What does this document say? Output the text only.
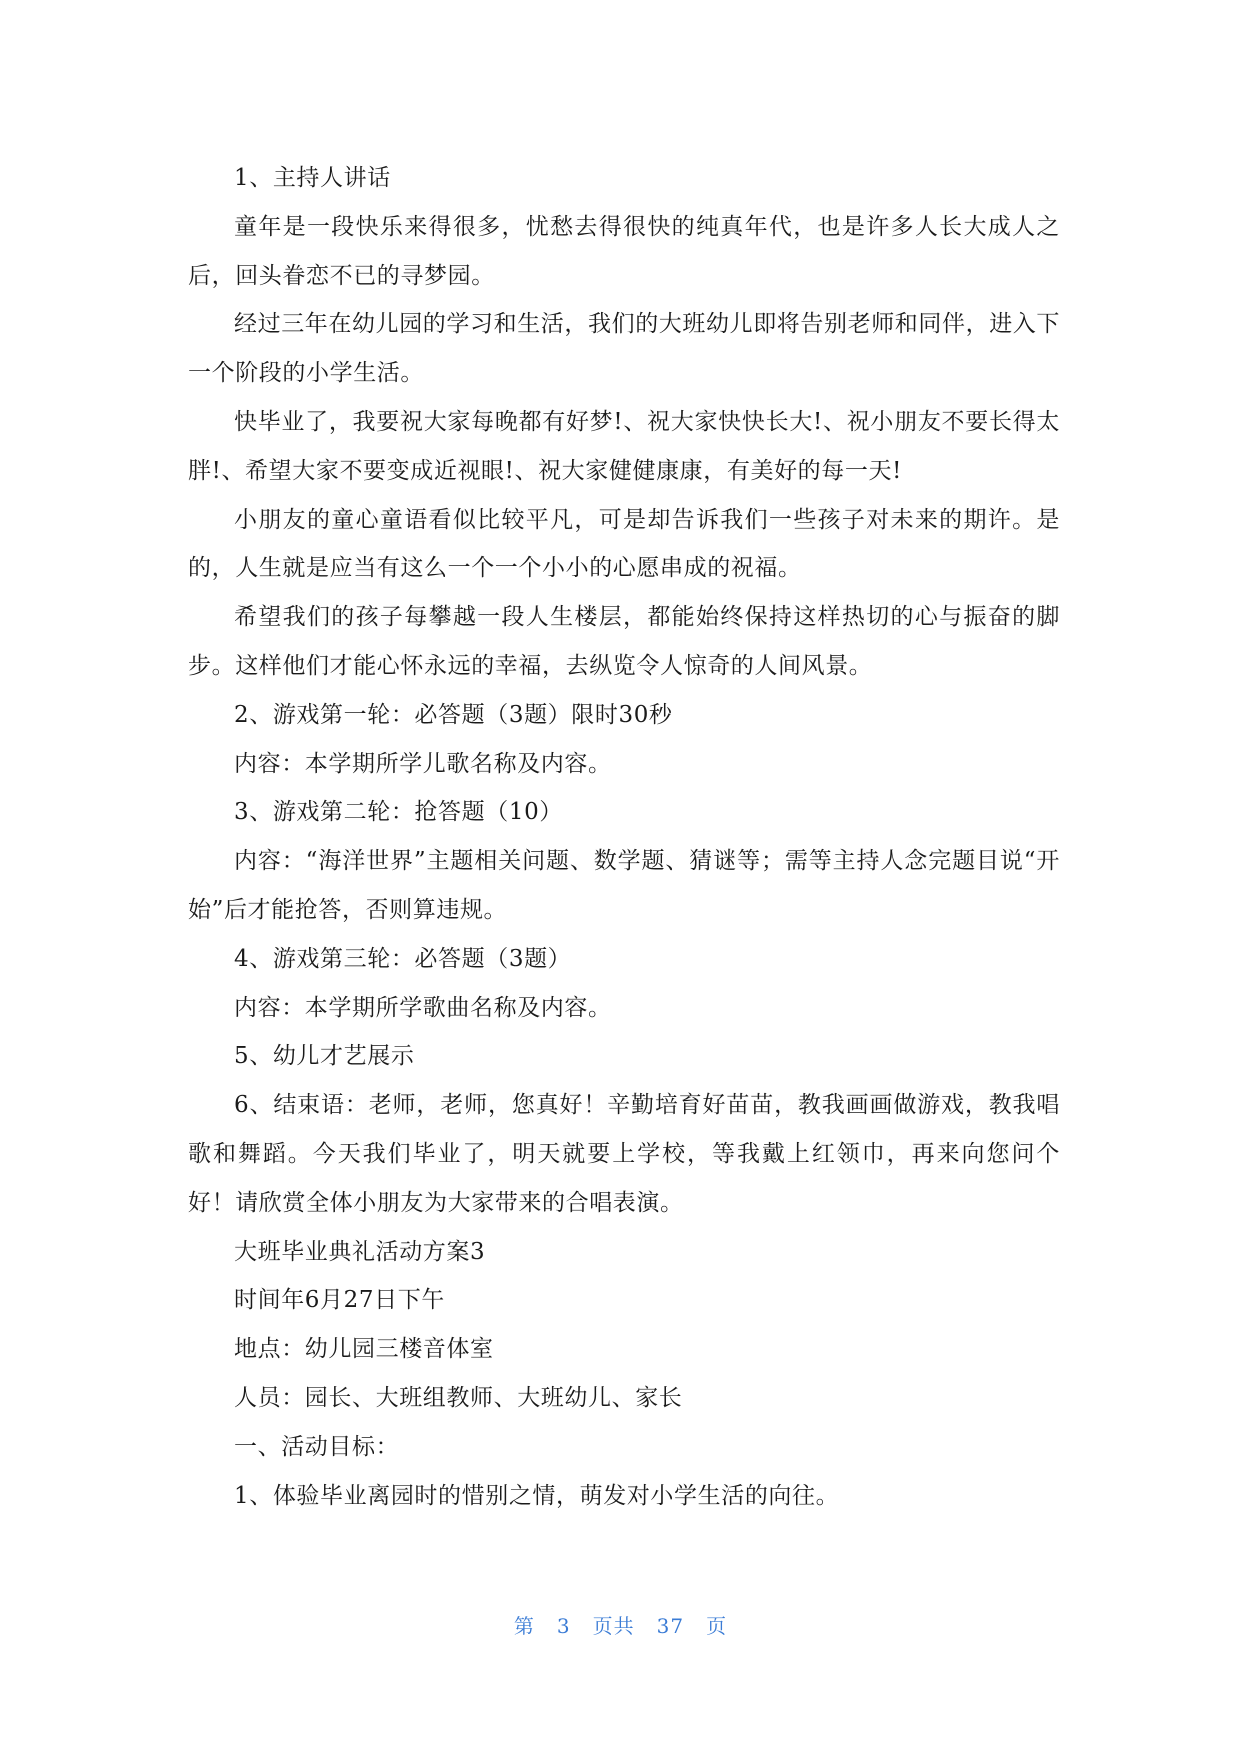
1、主持人讲话

童年是一段快乐来得很多，忧愁去得很快的纯真年代，也是许多人长大成人之后，回头眷恋不已的寻梦园。

经过三年在幼儿园的学习和生活，我们的大班幼儿即将告别老师和同伴，进入下一个阶段的小学生活。

快毕业了，我要祝大家每晚都有好梦!、祝大家快快长大!、祝小朋友不要长得太胖!、希望大家不要变成近视眼!、祝大家健健康康，有美好的每一天!

小朋友的童心童语看似比较平凡，可是却告诉我们一些孩子对未来的期许。是的，人生就是应当有这么一个一个小小的心愿串成的祝福。

希望我们的孩子每攀越一段人生楼层，都能始终保持这样热切的心与振奋的脚步。这样他们才能心怀永远的幸福，去纵览令人惊奇的人间风景。

2、游戏第一轮：必答题（3题）限时30秒

内容：本学期所学儿歌名称及内容。

3、游戏第二轮：抢答题（10）

内容：“海洋世界”主题相关问题、数学题、猜谜等；需等主持人念完题目说“开始”后才能抢答，否则算违规。

4、游戏第三轮：必答题（3题）

内容：本学期所学歌曲名称及内容。

5、幼儿才艺展示

6、结束语：老师，老师，您真好！辛勤培育好苗苗，教我画画做游戏，教我唱歌和舞蹈。今天我们毕业了，明天就要上学校，等我戴上红领巾，再来向您问个好！请欣赏全体小朋友为大家带来的合唱表演。

大班毕业典礼活动方案3

时间年6月27日下午

地点：幼儿园三楼音体室

人员：园长、大班组教师、大班幼儿、家长

一、活动目标：

1、体验毕业离园时的惜别之情，萌发对小学生活的向往。

第 3 页共 37 页
